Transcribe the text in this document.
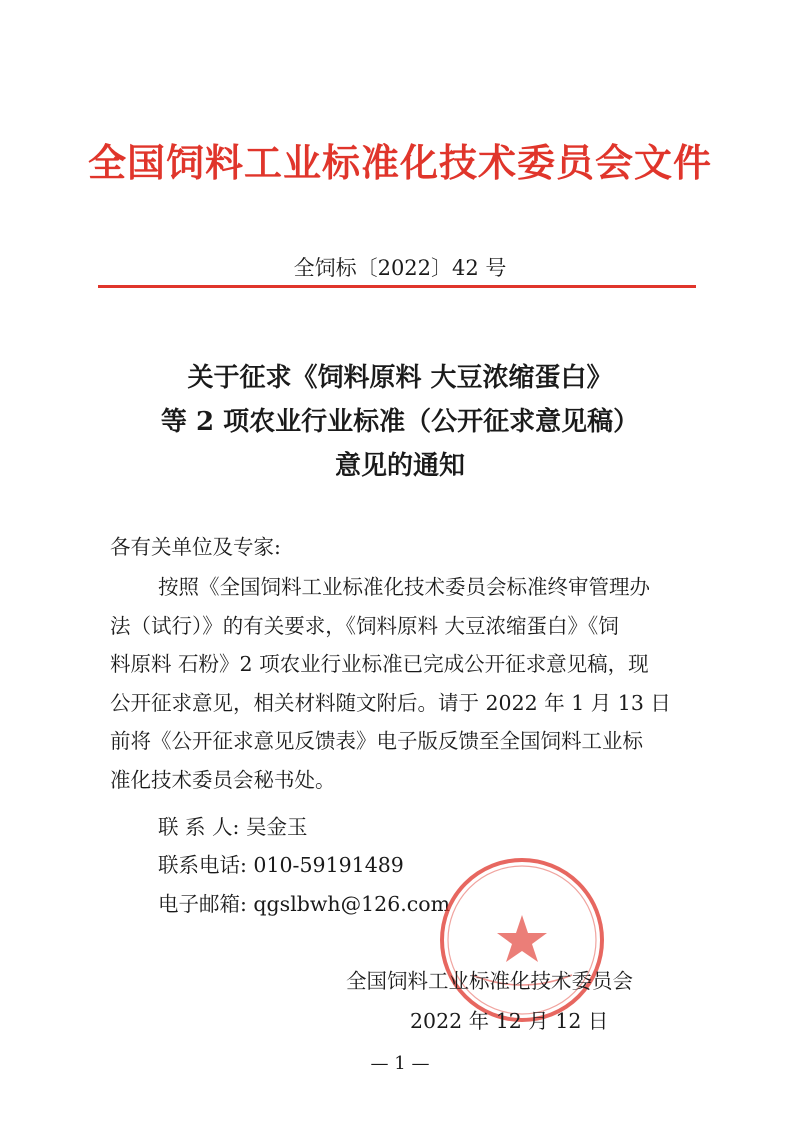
全国饲料工业标准化技术委员会文件
全饲标〔2022〕42 号
关于征求《饲料原料 大豆浓缩蛋白》
等 2 项农业行业标准（公开征求意见稿）
意见的通知
各有关单位及专家:
按照《全国饲料工业标准化技术委员会标准终审管理办
法（试行）》的有关要求，《饲料原料 大豆浓缩蛋白》《饲
料原料 石粉》2 项农业行业标准已完成公开征求意见稿，现
公开征求意见，相关材料随文附后。请于 2022 年 1 月 13 日
前将《公开征求意见反馈表》电子版反馈至全国饲料工业标
准化技术委员会秘书处。
联 系 人: 吴金玉
联系电话: 010-59191489
电子邮箱: qgslbwh@126.com
全国饲料工业标准化技术委员会
2022 年 12 月 12 日
— 1 —
